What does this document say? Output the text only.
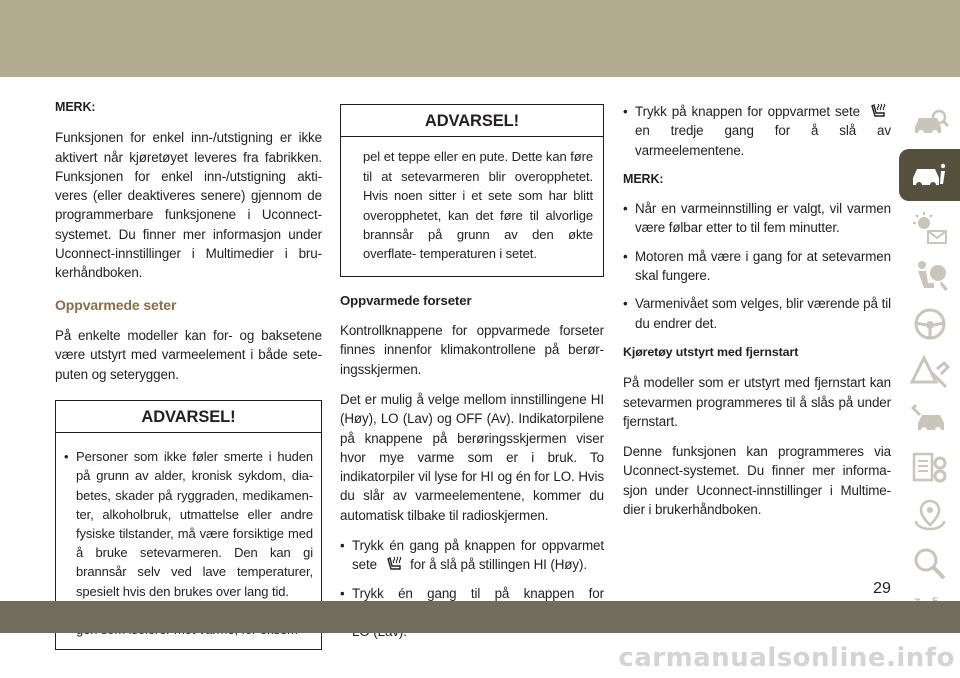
MERK:

Funksjonen for enkel inn-/utstigning er ikke aktivert når kjøretøyet leveres fra fabrikken. Funksjonen for enkel inn-/utstigning akti- veres (eller deaktiveres senere) gjennom de programmerbare funksjonene i Uconnect- systemet. Du finner mer informasjon under Uconnect-innstillinger i Multimedier i bru- kerhåndboken.

Oppvarmede seter

På enkelte modeller kan for- og baksetene være utstyrt med varmeelement i både sete- puten og seteryggen.

ADVARSEL!
• Personer som ikke føler smerte i huden på grunn av alder, kronisk sykdom, dia- betes, skader på ryggraden, medikamen- ter, alkoholbruk, utmattelse eller andre fysiske tilstander, må være forsiktige med å bruke setevarmeren. Den kan gi brannsår selv ved lave temperaturer, spesielt hvis den brukes over lang tid.
•
ADVARSEL!
pel et teppe eller en pute. Dette kan føre til at setevarmeren blir overopphetet. Hvis noen sitter i et sete som har blitt overopphetet, kan det føre til alvorlige brannsår på grunn av den økte overflate- temperaturen i setet.
Oppvarmede forseter

Kontrollknappene for oppvarmede forseter finnes innenfor klimakontrollene på berør- ingsskjermen.

Det er mulig å velge mellom innstillingene HI (Høy), LO (Lav) og OFF (Av). Indikatorpilene på knappene på berøringsskjermen viser hvor mye varme som er i bruk. To indikatorpiler vil lyse for HI og én for LO. Hvis du slår av varmeelementene, kommer du automatisk tilbake til radioskjermen.

• Trykk én gang på knappen for oppvarmet sete for å slå på stillingen HI (Høy).
• Trykk én gang til på knappen for
• Trykk på knappen for oppvarmet sete  en tredje gang for å slå av varmeelementene.

MERK:

• Når en varmeinnstilling er valgt, vil varmen være følbar etter to til fem minutter.
• Motoren må være i gang for at setevarmen skal fungere.
• Varmenivået som velges, blir værende på til du endrer det.
Kjøretøy utstyrt med fjernstart

På modeller som er utstyrt med fjernstart kan setevarmen programmeres til å slås på under fjernstart.

Denne funksjonen kan programmeres via Uconnect-systemet. Du finner mer informa- sjon under Uconnect-innstillinger i Multime- dier i brukerhåndboken.

29
carmanualsonline.info
